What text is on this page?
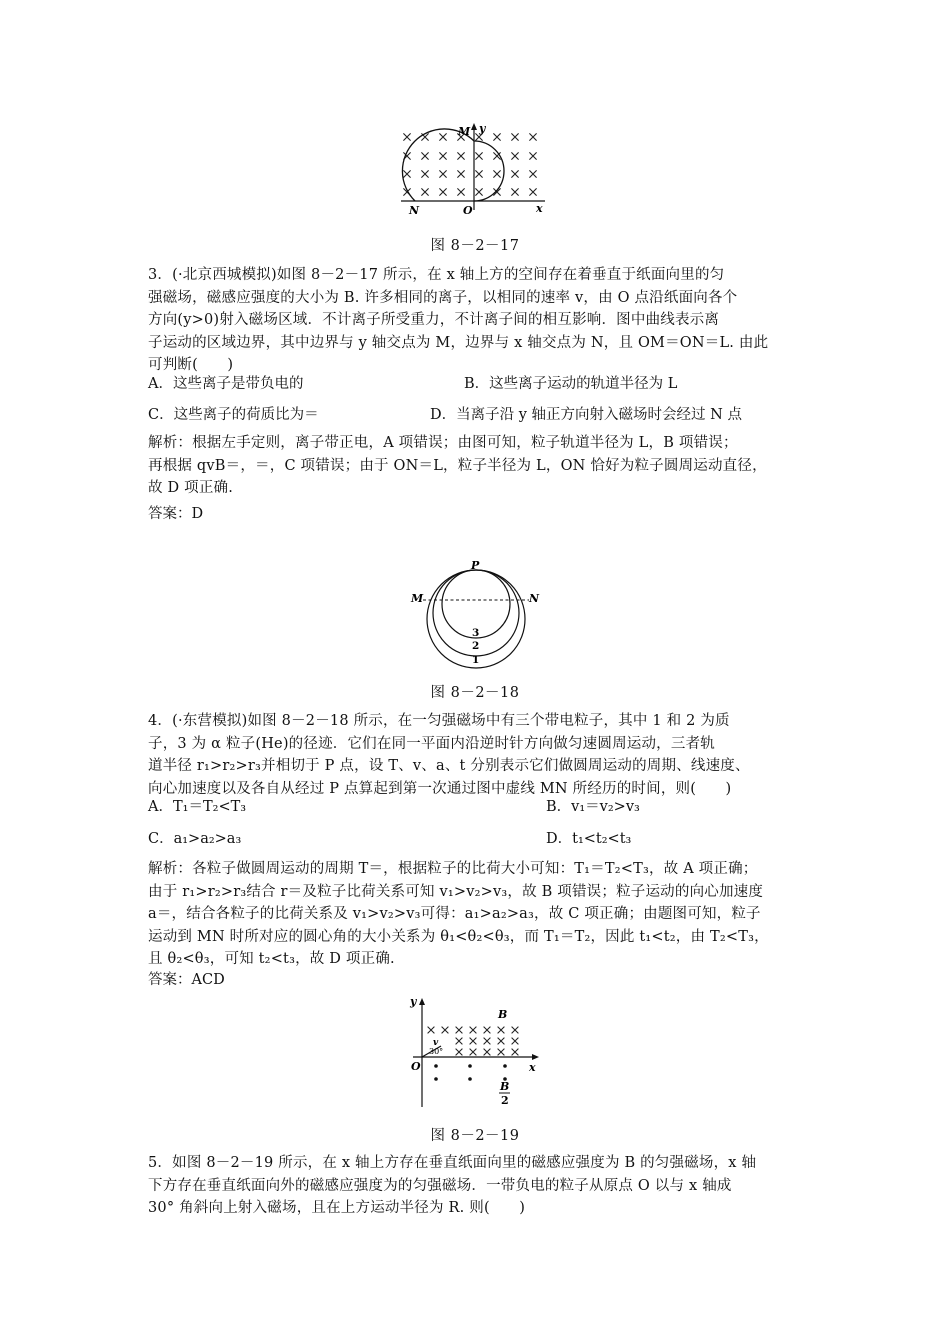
M y
N	O	x
图 8－2－17
3．(·北京西城模拟)如图 8－2－17 所示，在 x 轴上方的空间存在着垂直于纸面向里的匀
强磁场，磁感应强度的大小为 B. 许多相同的离子，以相同的速率 v，由 O 点沿纸面向各个
方向(y>0)射入磁场区域．不计离子所受重力，不计离子间的相互影响．图中曲线表示离
子运动的区域边界，其中边界与 y 轴交点为 M，边界与 x 轴交点为 N，且 OM＝ON＝L. 由此
可判断(　　)
A．这些离子是带负电的	B．这些离子运动的轨道半径为 L
C．这些离子的荷质比为＝	D．当离子沿 y 轴正方向射入磁场时会经过 N 点
解析：根据左手定则，离子带正电，A 项错误；由图可知，粒子轨道半径为 L，B 项错误；
再根据 qvB＝，＝，C 项错误；由于 ON＝L，粒子半径为 L，ON 恰好为粒子圆周运动直径，
故 D 项正确.
答案：D
P
M	N
3
2
1
图 8－2－18
4．(·东营模拟)如图 8－2－18 所示，在一匀强磁场中有三个带电粒子，其中 1 和 2 为质
子，3 为 α 粒子(He)的径迹．它们在同一平面内沿逆时针方向做匀速圆周运动，三者轨
道半径 r₁>r₂>r₃并相切于 P 点，设 T、v、a、t 分别表示它们做圆周运动的周期、线速度、
向心加速度以及各自从经过 P 点算起到第一次通过图中虚线 MN 所经历的时间，则(　　)
A．T₁＝T₂<T₃	B．v₁＝v₂>v₃
C．a₁>a₂>a₃	D．t₁<t₂<t₃
解析：各粒子做圆周运动的周期 T＝，根据粒子的比荷大小可知：T₁＝T₂<T₃，故 A 项正确；
由于 r₁>r₂>r₃结合 r＝及粒子比荷关系可知 v₁>v₂>v₃，故 B 项错误；粒子运动的向心加速度
a＝，结合各粒子的比荷关系及 v₁>v₂>v₃可得：a₁>a₂>a₃，故 C 项正确；由题图可知，粒子
运动到 MN 时所对应的圆心角的大小关系为 θ₁<θ₂<θ₃，而 T₁＝T₂，因此 t₁<t₂，由 T₂<T₃，
且 θ₂<θ₃，可知 t₂<t₃，故 D 项正确.
答案：ACD
y
B
v
30°
O	x
B
2
图 8－2－19
5．如图 8－2－19 所示，在 x 轴上方存在垂直纸面向里的磁感应强度为 B 的匀强磁场，x 轴
下方存在垂直纸面向外的磁感应强度为的匀强磁场．一带负电的粒子从原点 O 以与 x 轴成
30° 角斜向上射入磁场，且在上方运动半径为 R. 则(　　)
